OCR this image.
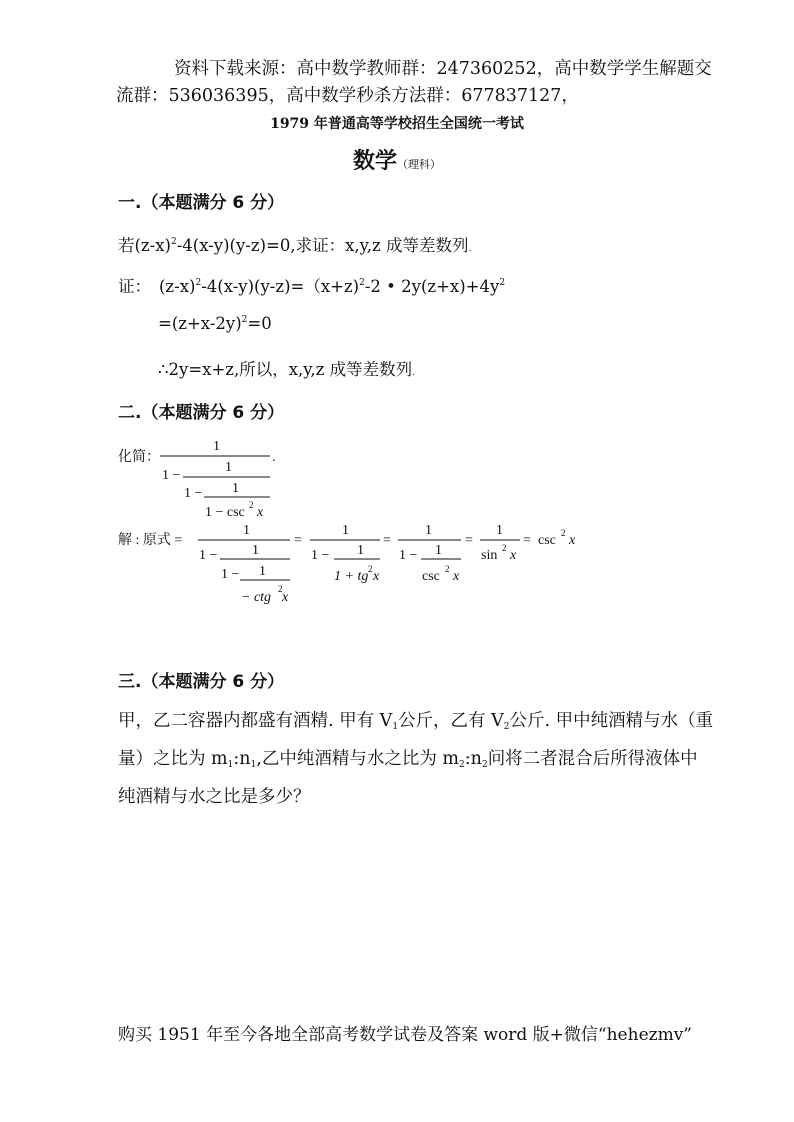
资料下载来源：高中数学教师群：247360252，高中数学学生解题交
流群：536036395，高中数学秒杀方法群：677837127，
1979 年普通高等学校招生全国统一考试
数学（理科）
一.（本题满分 6 分）
若$(z-x)^2-4(x-y)(y-z)=0$,求证：x,y,z 成等差数列.
证： $(z-x)^2-4(x-y)(y-z)=(x+z)^2-2$ • $2y(z+x)+4y^2$
$=(z+x-2y)^2=0$
∴2y=x+z,所以，x,y,z 成等差数列.
二.（本题满分 6 分）
化简：
1
1 −
1
1 − 1
1 − csc 2 x
.
解 : 原式 =
1
1 − 1
1 − 1
− ctg
2
x
=
1
1
1 −
1 + tg 2 x
=
1
1 − 1
csc 2 x
=
1
sin 2 x
= csc 2 x
三.（本题满分 6 分）
甲，乙二容器内都盛有酒精. 甲有 $V_1$公斤，乙有 $V_2$公斤. 甲中纯酒精与水（重
量）之比为 $m_1:n_1$,乙中纯酒精与水之比为 $m_2:n_2$问将二者混合后所得液体中
纯酒精与水之比是多少？
购买 1951 年至今各地全部高考数学试卷及答案 word 版+微信“hehezmv”
